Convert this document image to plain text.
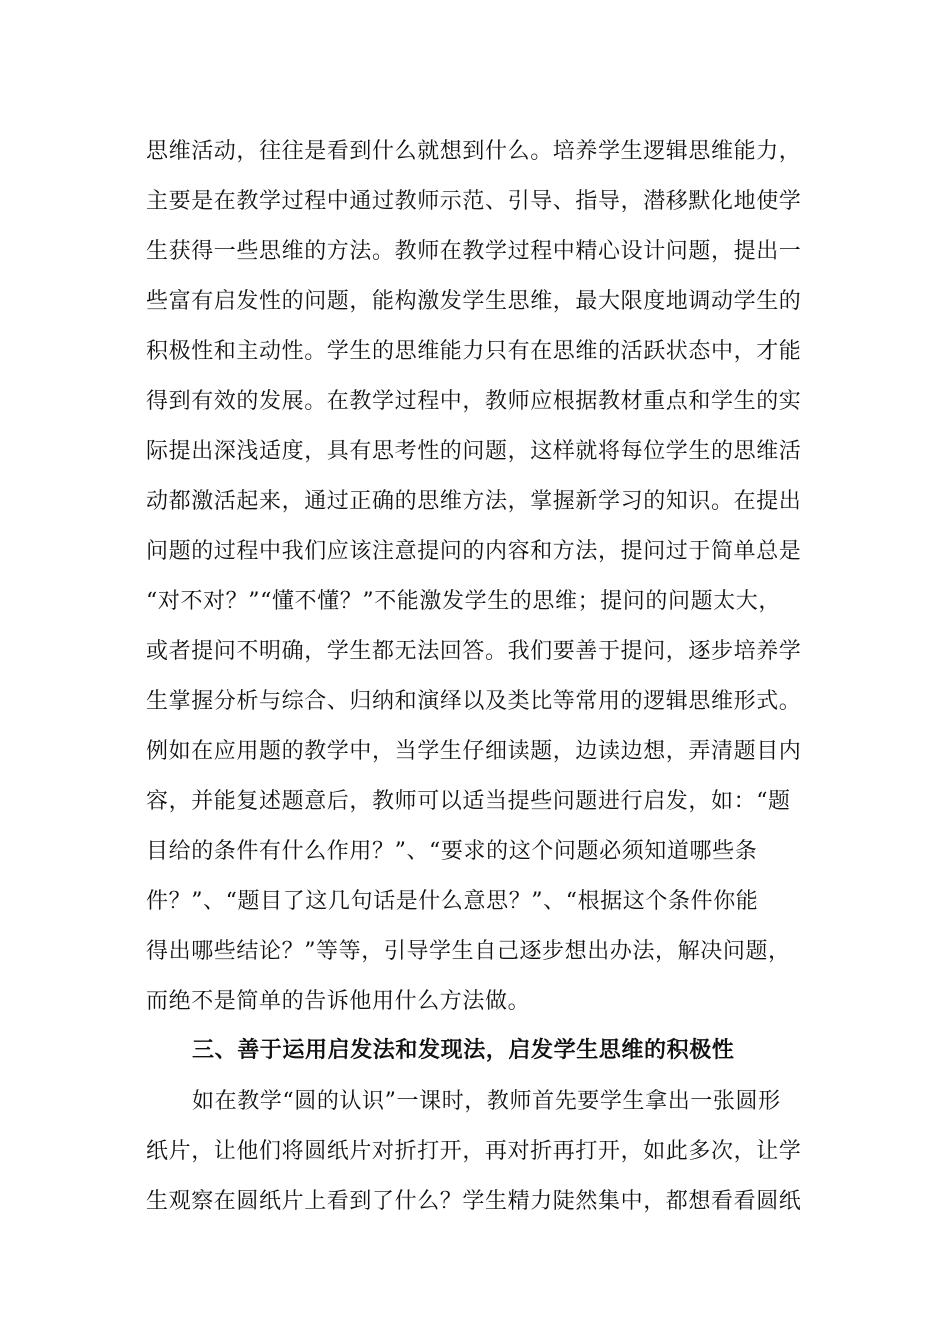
思维活动，往往是看到什么就想到什么。培养学生逻辑思维能力，
主要是在教学过程中通过教师示范、引导、指导，潜移默化地使学
生获得一些思维的方法。教师在教学过程中精心设计问题，提出一
些富有启发性的问题，能构激发学生思维，最大限度地调动学生的
积极性和主动性。学生的思维能力只有在思维的活跃状态中，才能
得到有效的发展。在教学过程中，教师应根据教材重点和学生的实
际提出深浅适度，具有思考性的问题，这样就将每位学生的思维活
动都激活起来，通过正确的思维方法，掌握新学习的知识。在提出
问题的过程中我们应该注意提问的内容和方法，提问过于简单总是
“对不对？”“懂不懂？”不能激发学生的思维；提问的问题太大，
或者提问不明确，学生都无法回答。我们要善于提问，逐步培养学
生掌握分析与综合、归纳和演绎以及类比等常用的逻辑思维形式。
例如在应用题的教学中，当学生仔细读题，边读边想，弄清题目内
容，并能复述题意后，教师可以适当提些问题进行启发，如：“题
目给的条件有什么作用？”、“要求的这个问题必须知道哪些条
件？”、“题目了这几句话是什么意思？”、“根据这个条件你能
得出哪些结论？”等等，引导学生自己逐步想出办法，解决问题，
而绝不是简单的告诉他用什么方法做。
三、善于运用启发法和发现法，启发学生思维的积极性
如在教学“圆的认识”一课时，教师首先要学生拿出一张圆形
纸片，让他们将圆纸片对折打开，再对折再打开，如此多次，让学
生观察在圆纸片上看到了什么？学生精力陡然集中，都想看看圆纸
